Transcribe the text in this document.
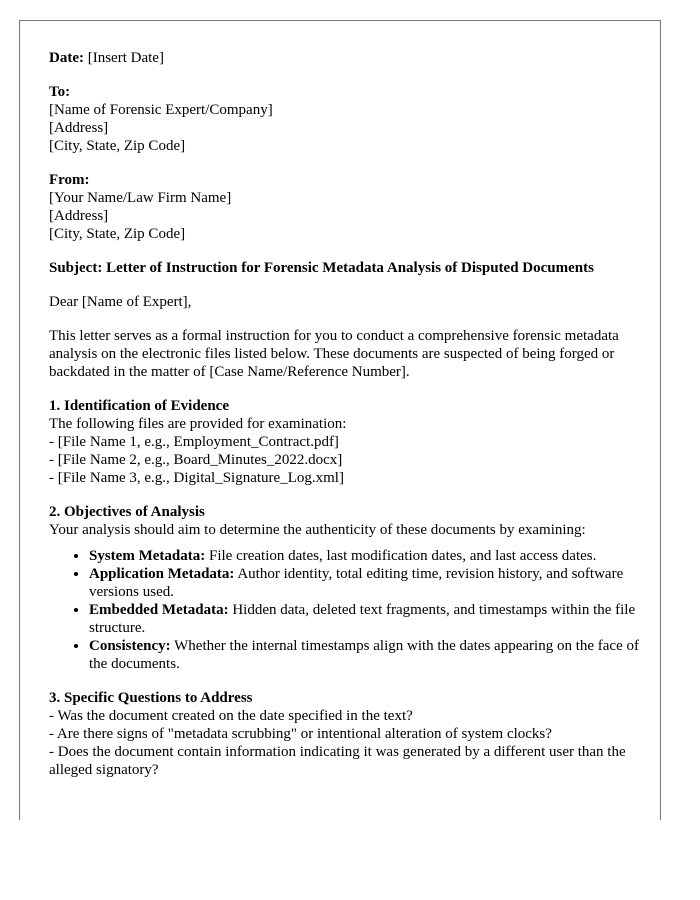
Date: [Insert Date]

To:
[Name of Forensic Expert/Company]
[Address]
[City, State, Zip Code]
From:
[Your Name/Law Firm Name]
[Address]
[City, State, Zip Code]

Subject: Letter of Instruction for Forensic Metadata Analysis of Disputed Documents

Dear [Name of Expert],

This letter serves as a formal instruction for you to conduct a comprehensive forensic metadata analysis on the electronic files listed below. These documents are suspected of being forged or backdated in the matter of [Case Name/Reference Number].

1. Identification of Evidence
The following files are provided for examination:
- [File Name 1, e.g., Employment_Contract.pdf]
- [File Name 2, e.g., Board_Minutes_2022.docx]
- [File Name 3, e.g., Digital_Signature_Log.xml]
2. Objectives of Analysis
Your analysis should aim to determine the authenticity of these documents by examining:
• System Metadata: File creation dates, last modification dates, and last access dates.
• Application Metadata: Author identity, total editing time, revision history, and software versions used.
• Embedded Metadata: Hidden data, deleted text fragments, and timestamps within the file structure.
• Consistency: Whether the internal timestamps align with the dates appearing on the face of the documents.
3. Specific Questions to Address
- Was the document created on the date specified in the text?
- Are there signs of "metadata scrubbing" or intentional alteration of system clocks?
- Does the document contain information indicating it was generated by a different user than the alleged signatory?
